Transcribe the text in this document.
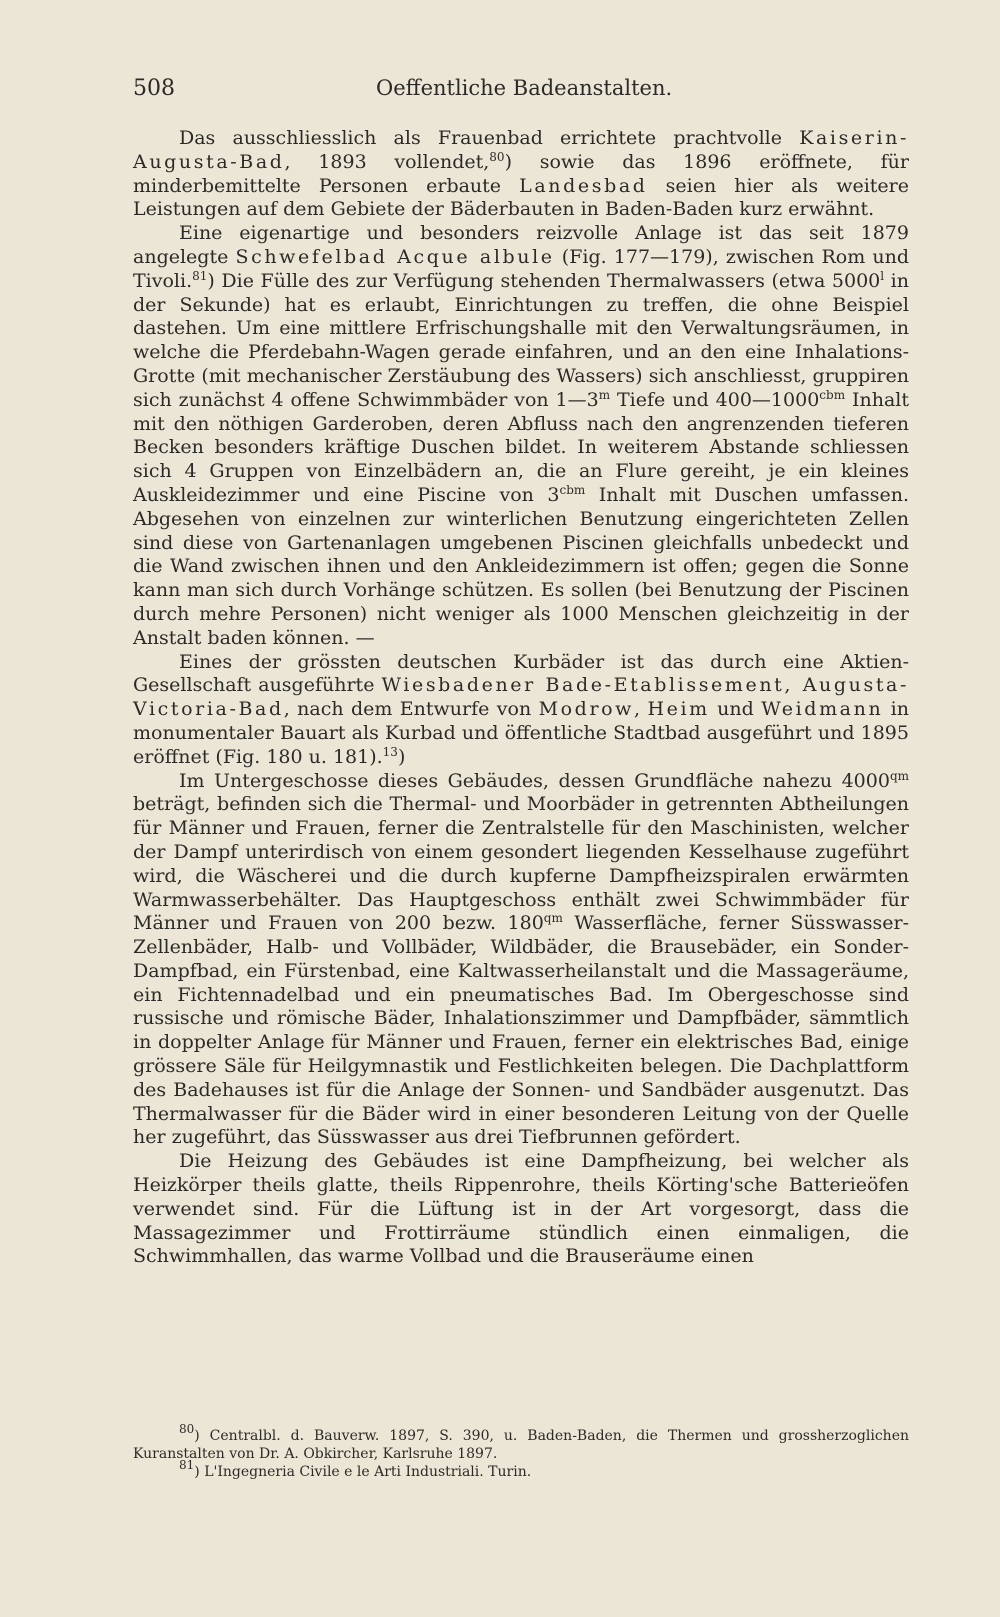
508	Oeffentliche Badeanstalten.

Das ausschliesslich als Frauenbad errichtete prachtvolle Kaiserin-Augusta-Bad, 1893 vollendet,$^{80}$) sowie das 1896 eröffnete, für minderbemittelte Personen erbaute Landesbad seien hier als weitere Leistungen auf dem Gebiete der Bäderbauten in Baden-Baden kurz erwähnt.

Eine eigenartige und besonders reizvolle Anlage ist das seit 1879 angelegte Schwefelbad Acque albule (Fig. 177—179), zwischen Rom und Tivoli.$^{81}$) Die Fülle des zur Verfügung stehenden Thermalwassers (etwa 5000$^l$ in der Sekunde) hat es erlaubt, Einrichtungen zu treffen, die ohne Beispiel dastehen. Um eine mittlere Erfrischungshalle mit den Verwaltungsräumen, in welche die Pferdebahn-Wagen gerade einfahren, und an den eine Inhalations-Grotte (mit mechanischer Zerstäubung des Wassers) sich anschliesst, gruppiren sich zunächst 4 offene Schwimmbäder von 1—3$^m$ Tiefe und $400—1000^{cbm}$ Inhalt mit den nöthigen Garderoben, deren Abfluss nach den angrenzenden tieferen Becken besonders kräftige Duschen bildet. In weiterem Abstande schliessen sich 4 Gruppen von Einzelbädern an, die an Flure gereiht, je ein kleines Auskleidezimmer und eine Piscine von $3^{cbm}$ Inhalt mit Duschen umfassen. Abgesehen von einzelnen zur winterlichen Benutzung eingerichteten Zellen sind diese von Gartenanlagen umgebenen Piscinen gleichfalls unbedeckt und die Wand zwischen ihnen und den Ankleidezimmern ist offen; gegen die Sonne kann man sich durch Vorhänge schützen. Es sollen (bei Benutzung der Piscinen durch mehre Personen) nicht weniger als 1000 Menschen gleichzeitig in der Anstalt baden können. —

Eines der grössten deutschen Kurbäder ist das durch eine Aktien-Gesellschaft ausgeführte Wiesbadener Bade-Etablissement, Augusta-Victoria-Bad, nach dem Entwurfe von Modrow, Heim und Weidmann in monumentaler Bauart als Kurbad und öffentliche Stadtbad ausgeführt und 1895 eröffnet (Fig. 180 u. 181).$^{13}$)

Im Untergeschosse dieses Gebäudes, dessen Grundfläche nahezu $4000^{qm}$ beträgt, befinden sich die Thermal- und Moorbäder in getrennten Abtheilungen für Männer und Frauen, ferner die Zentralstelle für den Maschinisten, welcher der Dampf unterirdisch von einem gesondert liegenden Kesselhause zugeführt wird, die Wäscherei und die durch kupferne Dampfheizspiralen erwärmten Warmwasserbehälter. Das Hauptgeschoss enthält zwei Schwimmbäder für Männer und Frauen von 200 bezw. $180^{qm}$ Wasserfläche, ferner Süsswasser-Zellenbäder, Halb- und Vollbäder, Wildbäder, die Brausebäder, ein Sonder-Dampfbad, ein Fürstenbad, eine Kaltwasserheilanstalt und die Massageräume, ein Fichtennadelbad und ein pneumatisches Bad. Im Obergeschosse sind russische und römische Bäder, Inhalationszimmer und Dampfbäder, sämmtlich in doppelter Anlage für Männer und Frauen, ferner ein elektrisches Bad, einige grössere Säle für Heilgymnastik und Festlichkeiten belegen. Die Dachplattform des Badehauses ist für die Anlage der Sonnen- und Sandbäder ausgenutzt. Das Thermalwasser für die Bäder wird in einer besonderen Leitung von der Quelle her zugeführt, das Süsswasser aus drei Tiefbrunnen gefördert.

Die Heizung des Gebäudes ist eine Dampfheizung, bei welcher als Heizkörper theils glatte, theils Rippenrohre, theils Körting'sche Batterieöfen verwendet sind. Für die Lüftung ist in der Art vorgesorgt, dass die Massagezimmer und Frottirräume stündlich einen einmaligen, die Schwimmhallen, das warme Vollbad und die Brauseräume einen

$^{80}$) Centralbl. d. Bauverw. 1897, S. 390, u. Baden-Baden, die Thermen und grossherzoglichen Kuranstalten von Dr. A. Obkircher, Karlsruhe 1897.

$^{81}$) L'Ingegneria Civile e le Arti Industriali. Turin.
